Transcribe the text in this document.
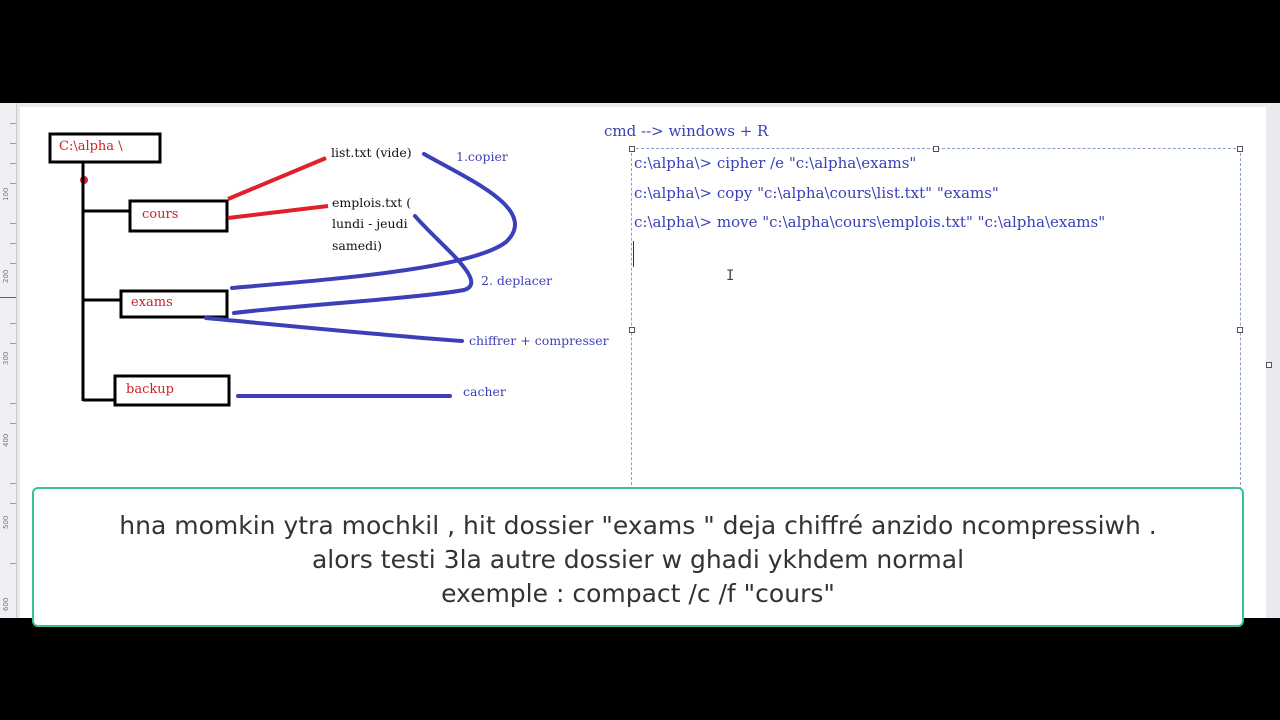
100
200
300
400
500
600
C:\alpha \
cours
exams
backup
list.txt (vide)
emplois.txt (
lundi - jeudi
samedi)
1.copier
2. deplacer
chiffrer + compresser
cacher
cmd --> windows + R
c:\alpha\> cipher /e "c:\alpha\exams"
c:\alpha\> copy "c:\alpha\cours\list.txt" "exams"
c:\alpha\> move "c:\alpha\cours\emplois.txt" "c:\alpha\exams"
I
hna momkin ytra mochkil , hit dossier "exams " deja chiffré anzido ncompressiwh .
alors testi 3la autre dossier w ghadi ykhdem normal
exemple : compact /c /f "cours"
